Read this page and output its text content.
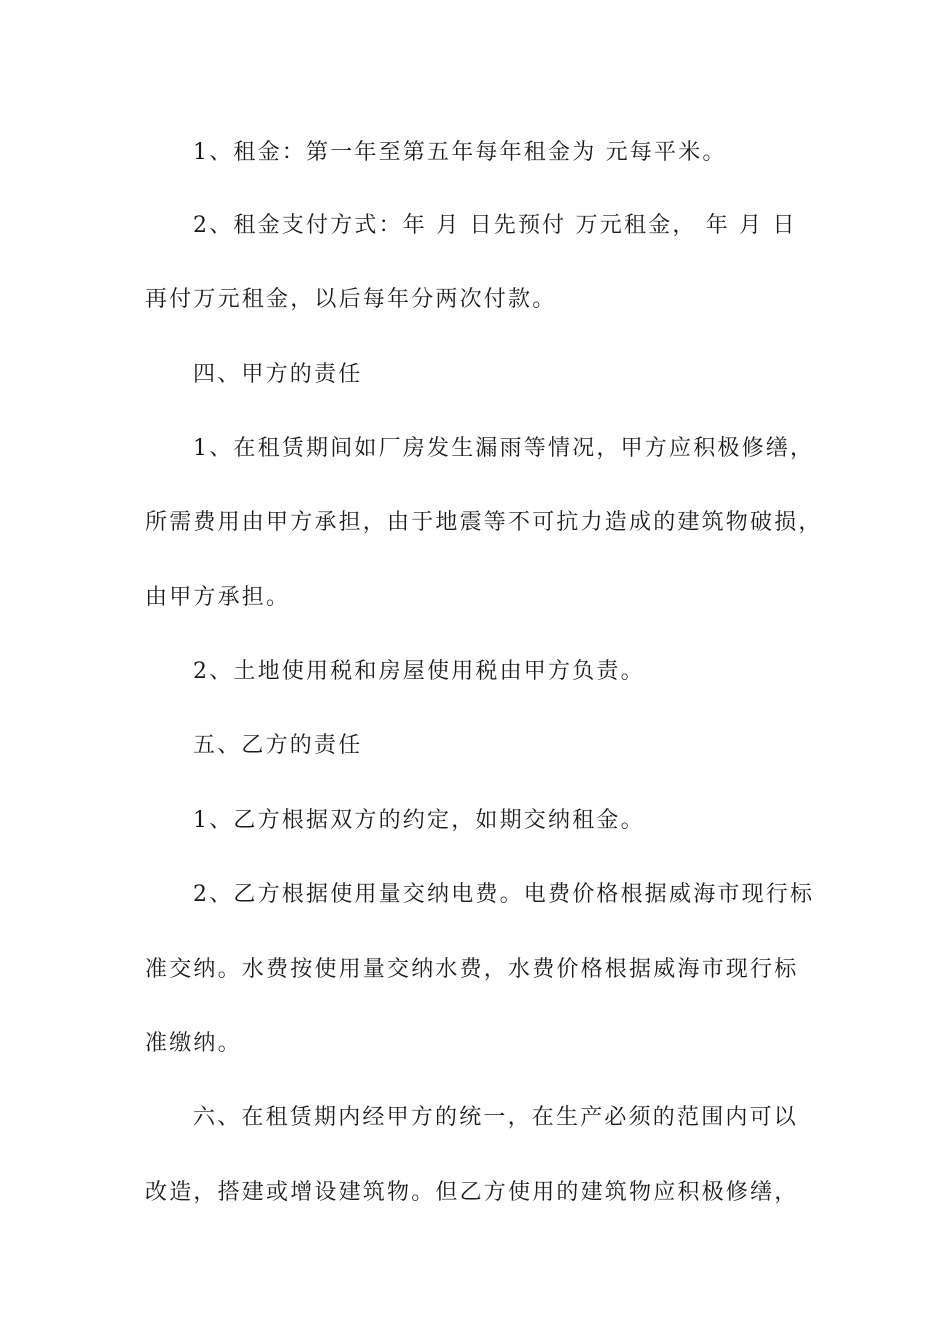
1、租金：第一年至第五年每年租金为 元每平米。
2、租金支付方式：年 月 日先预付 万元租金， 年 月 日
再付万元租金，以后每年分两次付款。
四、甲方的责任
1、在租赁期间如厂房发生漏雨等情况，甲方应积极修缮，
所需费用由甲方承担，由于地震等不可抗力造成的建筑物破损，
由甲方承担。
2、土地使用税和房屋使用税由甲方负责。
五、乙方的责任
1、乙方根据双方的约定，如期交纳租金。
2、乙方根据使用量交纳电费。电费价格根据威海市现行标
准交纳。水费按使用量交纳水费，水费价格根据威海市现行标
准缴纳。
六、在租赁期内经甲方的统一，在生产必须的范围内可以
改造，搭建或增设建筑物。但乙方使用的建筑物应积极修缮，
